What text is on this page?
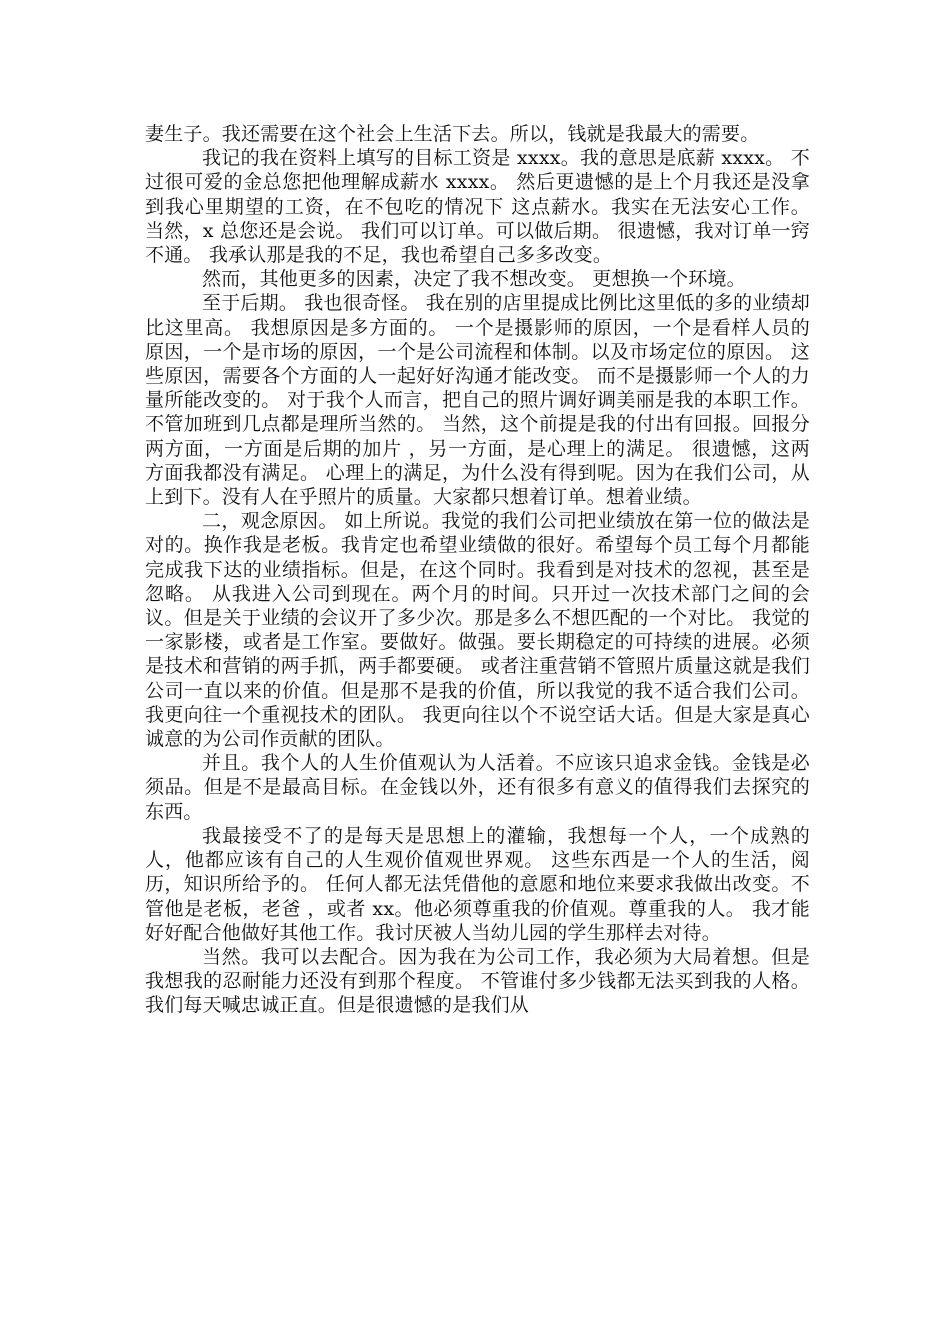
妻生子。我还需要在这个社会上生活下去。所以，钱就是我最大的需要。

我记的我在资料上填写的目标工资是 xxxx。我的意思是底薪 xxxx。 不过很可爱的金总您把他理解成薪水 xxxx。 然后更遗憾的是上个月我还是没拿到我心里期望的工资，在不包吃的情况下 这点薪水。我实在无法安心工作。 当然，x 总您还是会说。 我们可以订单。可以做后期。 很遗憾，我对订单一窍不通。 我承认那是我的不足，我也希望自己多多改变。

然而，其他更多的因素，决定了我不想改变。 更想换一个环境。

至于后期。 我也很奇怪。 我在别的店里提成比例比这里低的多的业绩却比这里高。 我想原因是多方面的。 一个是摄影师的原因，一个是看样人员的原因，一个是市场的原因，一个是公司流程和体制。以及市场定位的原因。 这些原因，需要各个方面的人一起好好沟通才能改变。 而不是摄影师一个人的力量所能改变的。 对于我个人而言，把自己的照片调好调美丽是我的本职工作。不管加班到几点都是理所当然的。 当然，这个前提是我的付出有回报。回报分两方面，一方面是后期的加片 ，另一方面，是心理上的满足。 很遗憾，这两方面我都没有满足。 心理上的满足，为什么没有得到呢。因为在我们公司，从上到下。没有人在乎照片的质量。大家都只想着订单。想着业绩。

二，观念原因。 如上所说。我觉的我们公司把业绩放在第一位的做法是对的。换作我是老板。我肯定也希望业绩做的很好。希望每个员工每个月都能完成我下达的业绩指标。但是，在这个同时。我看到是对技术的忽视，甚至是忽略。 从我进入公司到现在。两个月的时间。只开过一次技术部门之间的会议。但是关于业绩的会议开了多少次。那是多么不想匹配的一个对比。 我觉的一家影楼，或者是工作室。要做好。做强。要长期稳定的可持续的进展。必须是技术和营销的两手抓，两手都要硬。 或者注重营销不管照片质量这就是我们公司一直以来的价值。但是那不是我的价值，所以我觉的我不适合我们公司。 我更向往一个重视技术的团队。 我更向往以个不说空话大话。但是大家是真心诚意的为公司作贡献的团队。

并且。我个人的人生价值观认为人活着。不应该只追求金钱。金钱是必须品。但是不是最高目标。在金钱以外，还有很多有意义的值得我们去探究的东西。

我最接受不了的是每天是思想上的灌输，我想每一个人，一个成熟的人，他都应该有自己的人生观价值观世界观。 这些东西是一个人的生活，阅历，知识所给予的。 任何人都无法凭借他的意愿和地位来要求我做出改变。不管他是老板，老爸 ，或者 xx。他必须尊重我的价值观。尊重我的人。 我才能好好配合他做好其他工作。我讨厌被人当幼儿园的学生那样去对待。

当然。我可以去配合。因为我在为公司工作，我必须为大局着想。但是我想我的忍耐能力还没有到那个程度。 不管谁付多少钱都无法买到我的人格。 我们每天喊忠诚正直。但是很遗憾的是我们从
